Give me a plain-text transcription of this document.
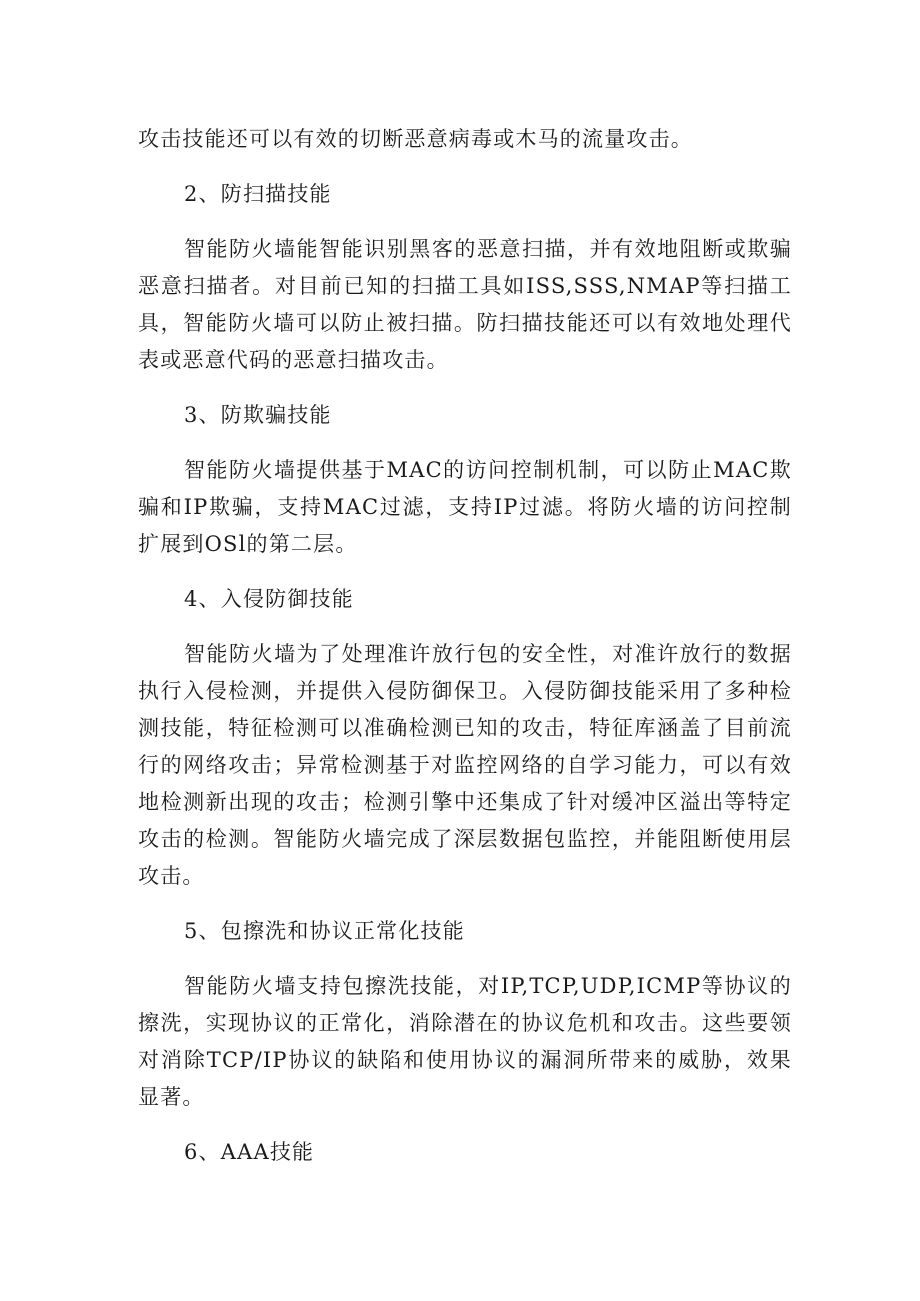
攻击技能还可以有效的切断恶意病毒或木马的流量攻击。

2、防扫描技能

智能防火墙能智能识别黑客的恶意扫描，并有效地阻断或欺骗恶意扫描者。对目前已知的扫描工具如ISS,SSS,NMAP等扫描工具，智能防火墙可以防止被扫描。防扫描技能还可以有效地处理代表或恶意代码的恶意扫描攻击。

3、防欺骗技能

智能防火墙提供基于MAC的访问控制机制，可以防止MAC欺骗和IP欺骗，支持MAC过滤，支持IP过滤。将防火墙的访问控制扩展到OSl的第二层。

4、入侵防御技能

智能防火墙为了处理准许放行包的安全性，对准许放行的数据执行入侵检测，并提供入侵防御保卫。入侵防御技能采用了多种检测技能，特征检测可以准确检测已知的攻击，特征库涵盖了目前流行的网络攻击；异常检测基于对监控网络的自学习能力，可以有效地检测新出现的攻击；检测引擎中还集成了针对缓冲区溢出等特定攻击的检测。智能防火墙完成了深层数据包监控，并能阻断使用层攻击。

5、包擦洗和协议正常化技能

智能防火墙支持包擦洗技能，对IP,TCP,UDP,ICMP等协议的擦洗，实现协议的正常化，消除潜在的协议危机和攻击。这些要领对消除TCP/IP协议的缺陷和使用协议的漏洞所带来的威胁，效果显著。

6、AAA技能
